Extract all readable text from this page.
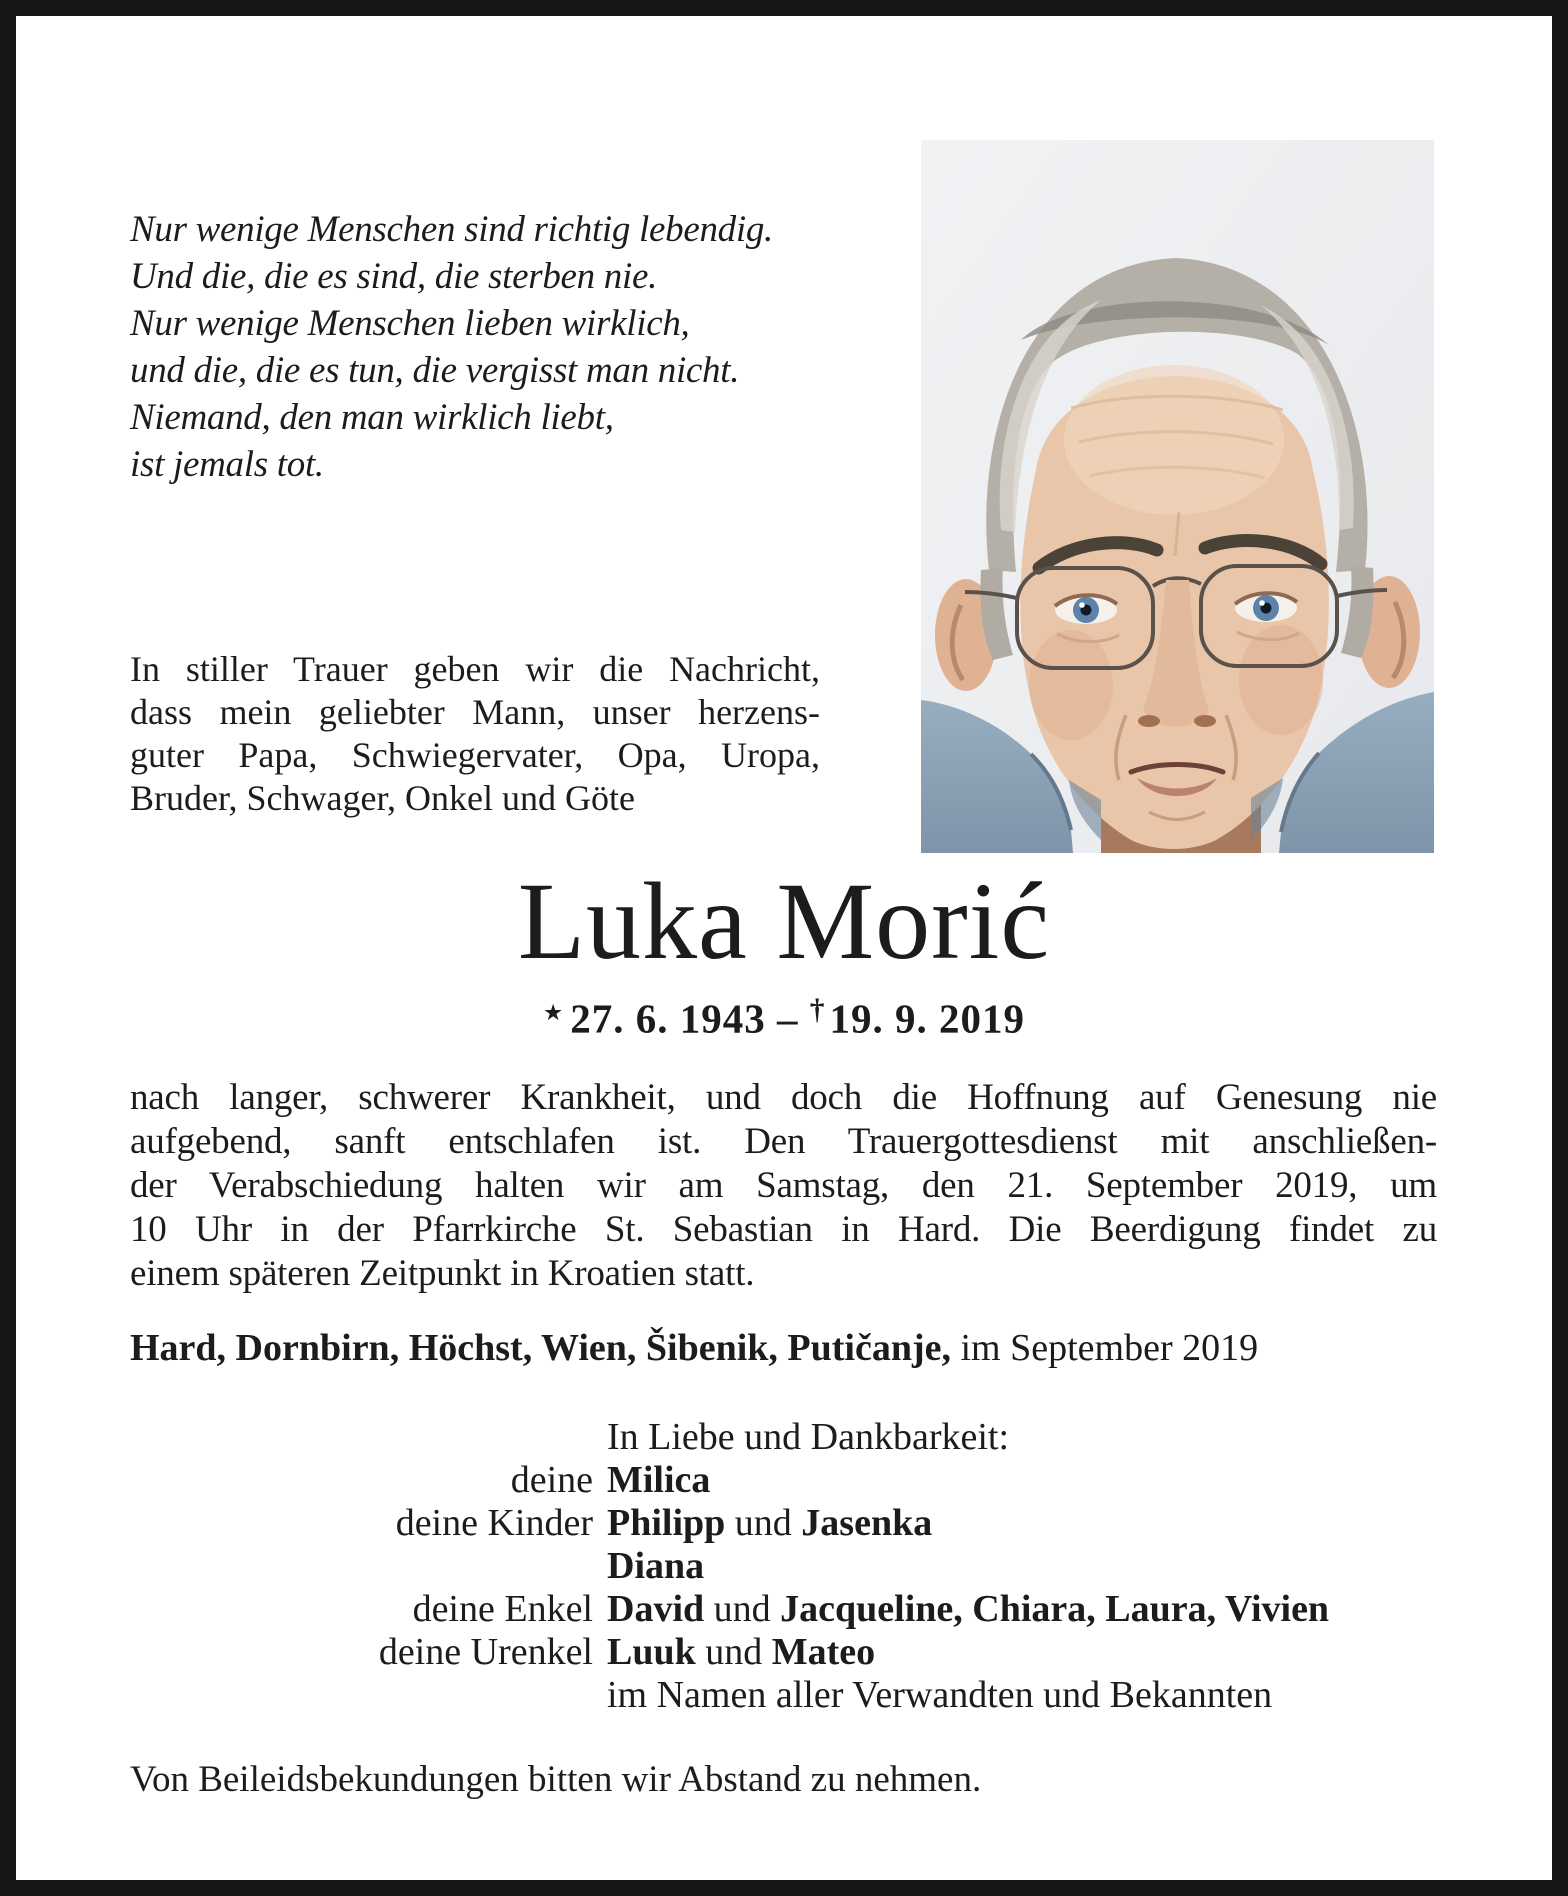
Nur wenige Menschen sind richtig lebendig.
Und die, die es sind, die sterben nie.
Nur wenige Menschen lieben wirklich,
und die, die es tun, die vergisst man nicht.
Niemand, den man wirklich liebt,
ist jemals tot.
In stiller Trauer geben wir die Nachricht,
dass mein geliebter Mann, unser herzens-
guter Papa, Schwiegervater, Opa, Uropa,
Bruder, Schwager, Onkel und Göte
Luka Morić
★ 27. 6. 1943 – †19. 9. 2019
nach langer, schwerer Krankheit, und doch die Hoffnung auf Genesung nie
aufgebend, sanft entschlafen ist. Den Trauergottesdienst mit anschließen-
der Verabschiedung halten wir am Samstag, den 21. September 2019, um
10 Uhr in der Pfarrkirche St. Sebastian in Hard. Die Beerdigung findet zu
einem späteren Zeitpunkt in Kroatien statt.
Hard, Dornbirn, Höchst, Wien, Šibenik, Putičanje, im September 2019
In Liebe und Dankbarkeit:
deine Milica
deine Kinder Philipp und Jasenka
Diana
deine Enkel David und Jacqueline, Chiara, Laura, Vivien
deine Urenkel Luuk und Mateo
im Namen aller Verwandten und Bekannten
Von Beileidsbekundungen bitten wir Abstand zu nehmen.
